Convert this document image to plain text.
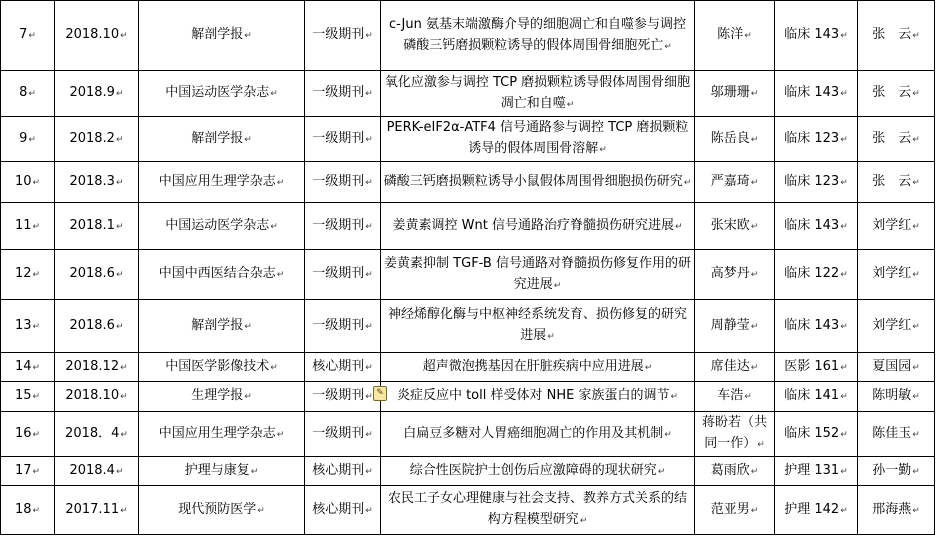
7↵	2018.10↵	解剖学报↵	一级期刊↵	c-Jun 氨基末端激酶介导的细胞凋亡和自噬参与调控磷酸三钙磨损颗粒诱导的假体周围骨细胞死亡↵	陈洋↵	临床 143↵	张　云↵
8↵	2018.9↵	中国运动医学杂志↵	一级期刊↵	氧化应激参与调控 TCP 磨损颗粒诱导假体周围骨细胞凋亡和自噬↵	邬珊珊↵	临床 143↵	张　云↵
9↵	2018.2↵	解剖学报↵	一级期刊↵	PERK-eIF2α-ATF4 信号通路参与调控 TCP 磨损颗粒诱导的假体周围骨溶解↵	陈岳良↵	临床 123↵	张　云↵
10↵	2018.3↵	中国应用生理学杂志↵	一级期刊↵	磷酸三钙磨损颗粒诱导小鼠假体周围骨细胞损伤研究↵	严嘉琦↵	临床 123↵	张　云↵
11↵	2018.1↵	中国运动医学杂志↵	一级期刊↵	姜黄素调控 Wnt 信号通路治疗脊髓损伤研究进展↵	张宋欧↵	临床 143↵	刘学红↵
12↵	2018.6↵	中国中西医结合杂志↵	一级期刊↵	姜黄素抑制 TGF-B 信号通路对脊髓损伤修复作用的研究进展↵	高梦丹↵	临床 122↵	刘学红↵
13↵	2018.6↵	解剖学报↵	一级期刊↵	神经烯醇化酶与中枢神经系统发育、损伤修复的研究进展↵	周静莹↵	临床 143↵	刘学红↵
14↵	2018.12↵	中国医学影像技术↵	核心期刊↵	超声微泡携基因在肝脏疾病中应用进展↵	席佳达↵	医影 161↵	夏国园↵
15↵	2018.10↵	生理学报↵	一级期刊↵	炎症反应中 toll 样受体对 NHE 家族蛋白的调节↵	车浩↵	临床 141↵	陈明敏↵
16↵	2018．4↵	中国应用生理学杂志↵	一级期刊↵	白扁豆多糖对人胃癌细胞凋亡的作用及其机制↵	蒋盼若（共同一作）↵	临床 152↵	陈佳玉↵
17↵	2018.4↵	护理与康复↵	核心期刊↵	综合性医院护士创伤后应激障碍的现状研究↵	葛雨欣↵	护理 131↵	孙一勤↵
18↵	2017.11↵	现代预防医学↵	核心期刊↵	农民工子女心理健康与社会支持、教养方式关系的结构方程模型研究↵	范亚男↵	护理 142↵	邢海燕↵
✎
